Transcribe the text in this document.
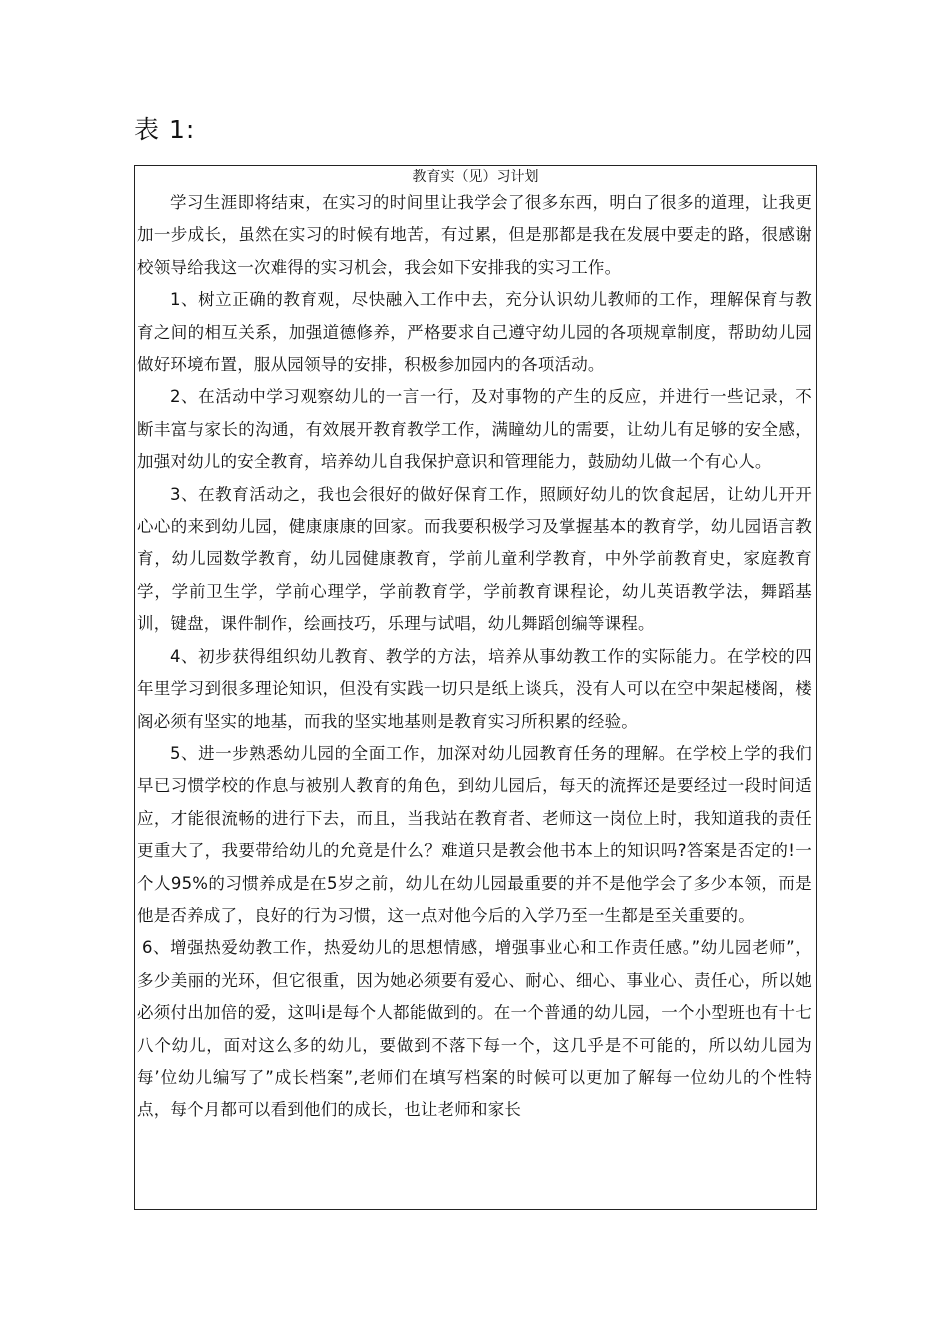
表 1:
教育实（见）习计划

学习生涯即将结束，在实习的时间里让我学会了很多东西，明白了很多的道理，让我更加一步成长，虽然在实习的时候有地苦，有过累，但是那都是我在发展中要走的路，很感谢校领导给我这一次难得的实习机会，我会如下安排我的实习工作。

1、树立正确的教育观，尽快融入工作中去，充分认识幼儿教师的工作，理解保育与教育之间的相互关系，加强道德修养，严格要求自己遵守幼儿园的各项规章制度，帮助幼儿园做好环境布置，服从园领导的安排，积极参加园内的各项活动。

2、在活动中学习观察幼儿的一言一行，及对事物的产生的反应，并进行一些记录，不断丰富与家长的沟通，有效展开教育教学工作，满瞳幼儿的需要，让幼儿有足够的安全感，加强对幼儿的安全教育，培养幼儿自我保护意识和管理能力，鼓励幼儿做一个有心人。

3、在教育活动之，我也会很好的做好保育工作，照顾好幼儿的饮食起居，让幼儿开开心心的来到幼儿园，健康康康的回家。而我要积极学习及掌握基本的教育学，幼儿园语言教育，幼儿园数学教育，幼儿园健康教育，学前儿童利学教育，中外学前教育史，家庭教育学，学前卫生学，学前心理学，学前教育学，学前教育课程论，幼儿英语教学法，舞蹈基训，键盘，课件制作，绘画技巧，乐理与试唱，幼儿舞蹈创编等课程。

4、初步获得组织幼儿教育、教学的方法，培养从事幼教工作的实际能力。在学校的四年里学习到很多理论知识，但没有实践一切只是纸上谈兵，没有人可以在空中架起楼阁，楼阁必须有坚实的地基，而我的坚实地基则是教育实习所积累的经验。

5、进一步熟悉幼儿园的全面工作，加深对幼儿园教育任务的理解。在学校上学的我们早已习惯学校的作息与被别人教育的角色，到幼儿园后，每天的流挥还是要经过一段时间适应，才能很流畅的进行下去，而且，当我站在教育者、老师这一岗位上时，我知道我的责任更重大了，我要带给幼儿的允竟是什么？难道只是教会他书本上的知识吗?答案是否定的!一个人95%的习惯养成是在5岁之前，幼儿在幼儿园最重要的并不是他学会了多少本领，而是他是否养成了，良好的行为习惯，这一点对他今后的入学乃至一生都是至关重要的。

6、增强热爱幼教工作，热爱幼儿的思想情感，增强事业心和工作责任感。”幼儿园老师”，多少美丽的光环，但它很重，因为她必须要有爱心、耐心、细心、事业心、责任心，所以她必须付出加倍的爱，这叫i是每个人都能做到的。在一个普通的幼儿园，一个小型班也有十七八个幼儿，面对这么多的幼儿，要做到不落下每一个，这几乎是不可能的，所以幼儿园为每’位幼儿编写了”成长档案”,老师们在填写档案的时候可以更加了解每一位幼儿的个性特点，每个月都可以看到他们的成长，也让老师和家长
